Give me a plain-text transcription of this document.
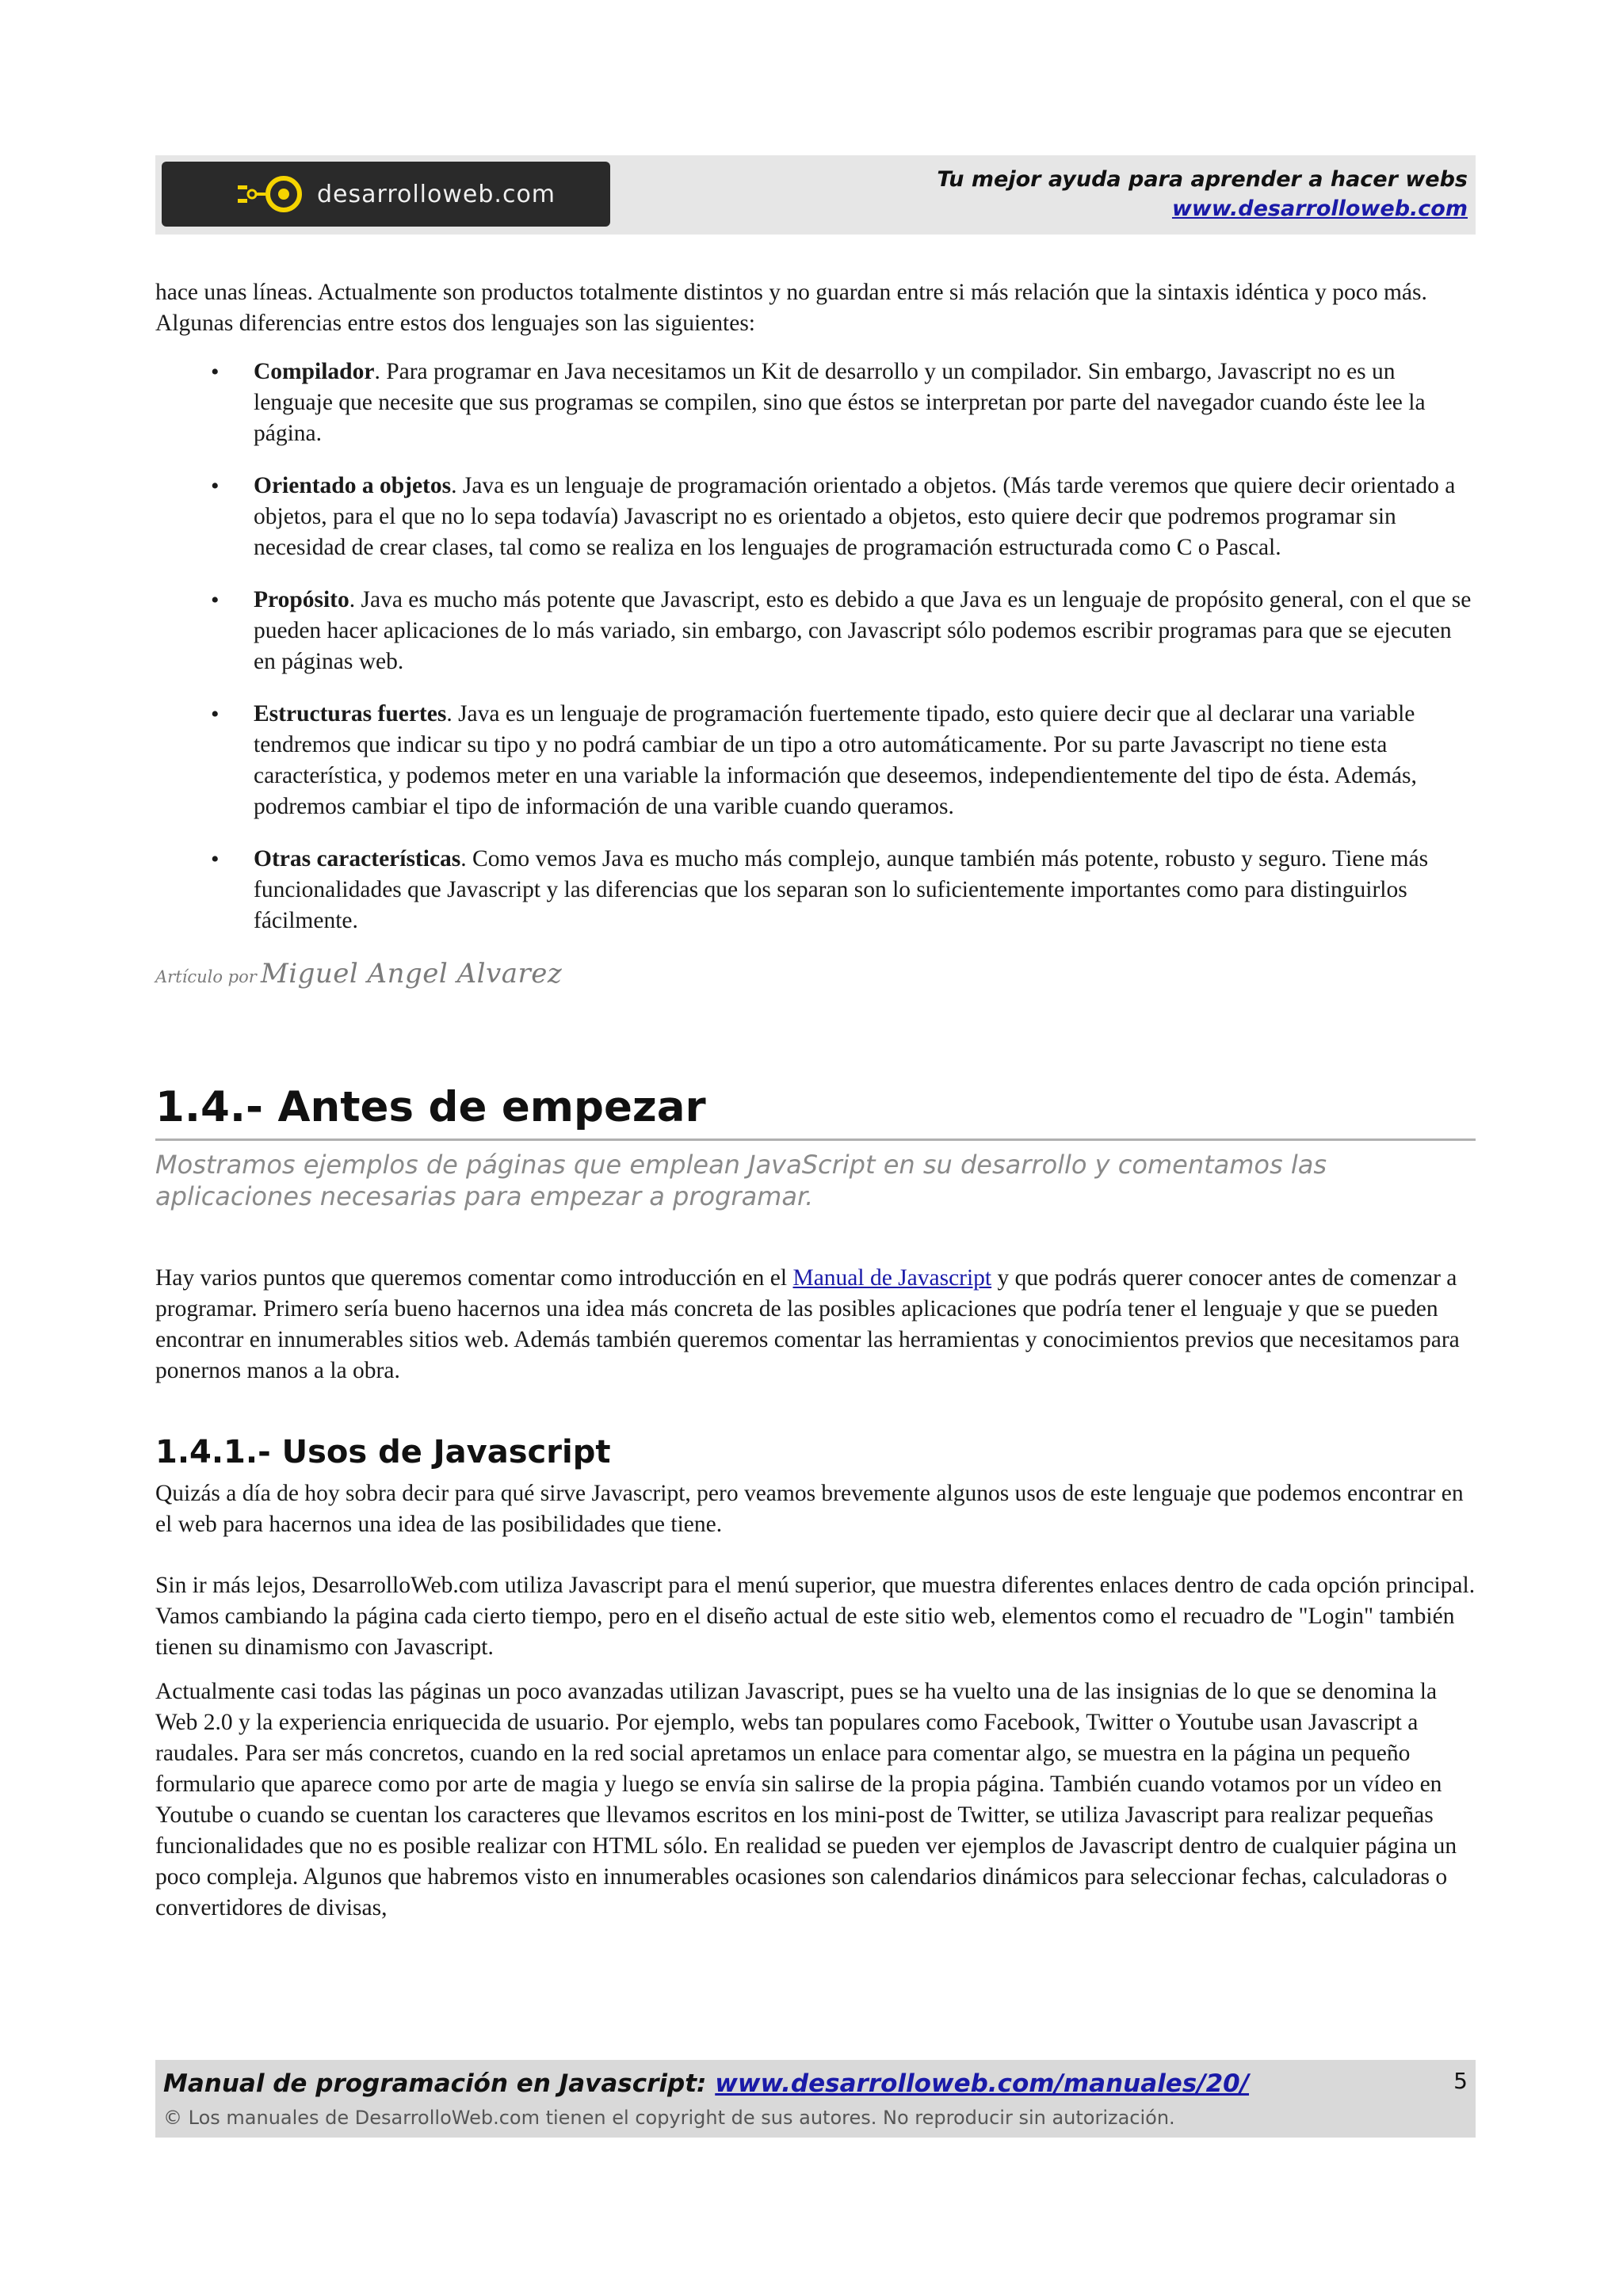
desarrolloweb.com
Tu mejor ayuda para aprender a hacer webs
www.desarrolloweb.com

hace unas líneas. Actualmente son productos totalmente distintos y no guardan entre si más relación que la sintaxis idéntica y poco más. Algunas diferencias entre estos dos lenguajes son las siguientes:

• Compilador. Para programar en Java necesitamos un Kit de desarrollo y un compilador. Sin embargo, Javascript no es un lenguaje que necesite que sus programas se compilen, sino que éstos se interpretan por parte del navegador cuando éste lee la página.

• Orientado a objetos. Java es un lenguaje de programación orientado a objetos. (Más tarde veremos que quiere decir orientado a objetos, para el que no lo sepa todavía) Javascript no es orientado a objetos, esto quiere decir que podremos programar sin necesidad de crear clases, tal como se realiza en los lenguajes de programación estructurada como C o Pascal.

• Propósito. Java es mucho más potente que Javascript, esto es debido a que Java es un lenguaje de propósito general, con el que se pueden hacer aplicaciones de lo más variado, sin embargo, con Javascript sólo podemos escribir programas para que se ejecuten en páginas web.

• Estructuras fuertes. Java es un lenguaje de programación fuertemente tipado, esto quiere decir que al declarar una variable tendremos que indicar su tipo y no podrá cambiar de un tipo a otro automáticamente. Por su parte Javascript no tiene esta característica, y podemos meter en una variable la información que deseemos, independientemente del tipo de ésta. Además, podremos cambiar el tipo de información de una varible cuando queramos.

• Otras características. Como vemos Java es mucho más complejo, aunque también más potente, robusto y seguro. Tiene más funcionalidades que Javascript y las diferencias que los separan son lo suficientemente importantes como para distinguirlos fácilmente.

Artículo por Miguel Angel Alvarez
1.4.- Antes de empezar
Mostramos ejemplos de páginas que emplean JavaScript en su desarrollo y comentamos las aplicaciones necesarias para empezar a programar.

Hay varios puntos que queremos comentar como introducción en el Manual de Javascript y que podrás querer conocer antes de comenzar a programar. Primero sería bueno hacernos una idea más concreta de las posibles aplicaciones que podría tener el lenguaje y que se pueden encontrar en innumerables sitios web. Además también queremos comentar las herramientas y conocimientos previos que necesitamos para ponernos manos a la obra.

1.4.1.- Usos de Javascript

Quizás a día de hoy sobra decir para qué sirve Javascript, pero veamos brevemente algunos usos de este lenguaje que podemos encontrar en el web para hacernos una idea de las posibilidades que tiene.

Sin ir más lejos, DesarrolloWeb.com utiliza Javascript para el menú superior, que muestra diferentes enlaces dentro de cada opción principal. Vamos cambiando la página cada cierto tiempo, pero en el diseño actual de este sitio web, elementos como el recuadro de "Login" también tienen su dinamismo con Javascript.

Actualmente casi todas las páginas un poco avanzadas utilizan Javascript, pues se ha vuelto una de las insignias de lo que se denomina la Web 2.0 y la experiencia enriquecida de usuario. Por ejemplo, webs tan populares como Facebook, Twitter o Youtube usan Javascript a raudales. Para ser más concretos, cuando en la red social apretamos un enlace para comentar algo, se muestra en la página un pequeño formulario que aparece como por arte de magia y luego se envía sin salirse de la propia página. También cuando votamos por un vídeo en Youtube o cuando se cuentan los caracteres que llevamos escritos en los mini-post de Twitter, se utiliza Javascript para realizar pequeñas funcionalidades que no es posible realizar con HTML sólo. En realidad se pueden ver ejemplos de Javascript dentro de cualquier página un poco compleja. Algunos que habremos visto en innumerables ocasiones son calendarios dinámicos para seleccionar fechas, calculadoras o convertidores de divisas,

Manual de programación en Javascript: www.desarrolloweb.com/manuales/20/
© Los manuales de DesarrolloWeb.com tienen el copyright de sus autores. No reproducir sin autorización.
5
